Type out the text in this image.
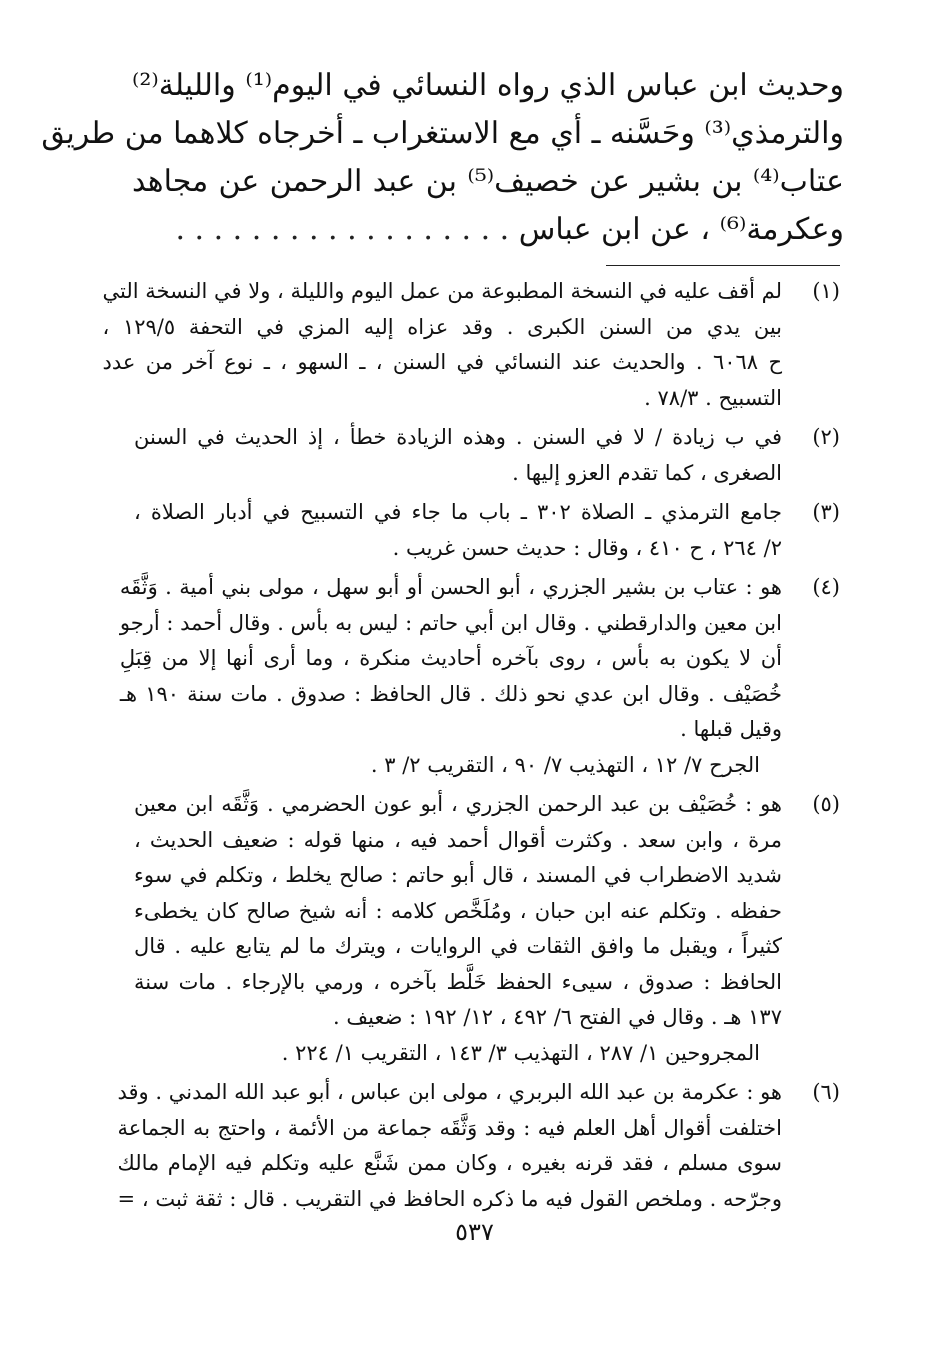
وحديث ابن عباس الذي رواه النسائي في اليوم⁽¹⁾ والليلة⁽²⁾
والترمذي⁽³⁾ وحَسَّنه ـ أي مع الاستغراب ـ أخرجاه كلاهما من طريق
عتاب⁽⁴⁾ بن بشير عن خصيف⁽⁵⁾ بن عبد الرحمن عن مجاهد
وعكرمة⁽⁶⁾ ، عن ابن عباس . . . . . . . . . . . . . . . . . .
(١)
لم أقف عليه في النسخة المطبوعة من عمل اليوم والليلة ، ولا في النسخة التي
بين يدي من السنن الكبرى . وقد عزاه إليه المزي في التحفة ١٢٩/٥ ،
ح ٦٠٦٨ . والحديث عند النسائي في السنن ، ـ السهو ، ـ نوع آخر من عدد
التسبيح . ٧٨/٣ .
(٢)
في ب زيادة / لا في السنن . وهذه الزيادة خطأ ، إذ الحديث في السنن
الصغرى ، كما تقدم العزو إليها .
(٣)
جامع الترمذي ـ الصلاة ٣٠٢ ـ باب ما جاء في التسبيح في أدبار الصلاة ،
٢/ ٢٦٤ ، ح ٤١٠ ، وقال : حديث حسن غريب .
(٤)
هو : عتاب بن بشير الجزري ، أبو الحسن أو أبو سهل ، مولى بني أمية . وَثَّقَه
ابن معين والدارقطني . وقال ابن أبي حاتم : ليس به بأس . وقال أحمد : أرجو
أن لا يكون به بأس ، روى بآخره أحاديث منكرة ، وما أرى أنها إلا من قِبَلِ
خُصَيْف . وقال ابن عدي نحو ذلك . قال الحافظ : صدوق . مات سنة ١٩٠ هـ
وقيل قبلها .
الجرح ٧/ ١٢ ، التهذيب ٧/ ٩٠ ، التقريب ٢/ ٣ .
(٥)
هو : خُصَيْف بن عبد الرحمن الجزري ، أبو عون الحضرمي . وَثَّقَه ابن معين
مرة ، وابن سعد . وكثرت أقوال أحمد فيه ، منها قوله : ضعيف الحديث ،
شديد الاضطراب في المسند ، قال أبو حاتم : صالح يخلط ، وتكلم في سوء
حفظه . وتكلم عنه ابن حبان ، ومُلَخَّص كلامه : أنه شيخ صالح كان يخطىء
كثيراً ، ويقبل ما وافق الثقات في الروايات ، ويترك ما لم يتابع عليه . قال
الحافظ : صدوق ، سيىء الحفظ خَلَّط بآخره ، ورمي بالإرجاء . مات سنة
١٣٧ هـ . وقال في الفتح ٦/ ٤٩٢ ، ١٢/ ١٩٢ : ضعيف .
المجروحين ١/ ٢٨٧ ، التهذيب ٣/ ١٤٣ ، التقريب ١/ ٢٢٤ .
(٦)
هو : عكرمة بن عبد الله البربري ، مولى ابن عباس ، أبو عبد الله المدني . وقد
اختلفت أقوال أهل العلم فيه : وقد وَثَّقَه جماعة من الأئمة ، واحتج به الجماعة
سوى مسلم ، فقد قرنه بغيره ، وكان ممن شَنَّع عليه وتكلم فيه الإمام مالك
وجرّحه . وملخص القول فيه ما ذكره الحافظ في التقريب . قال : ثقة ثبت ، =
٥٣٧
